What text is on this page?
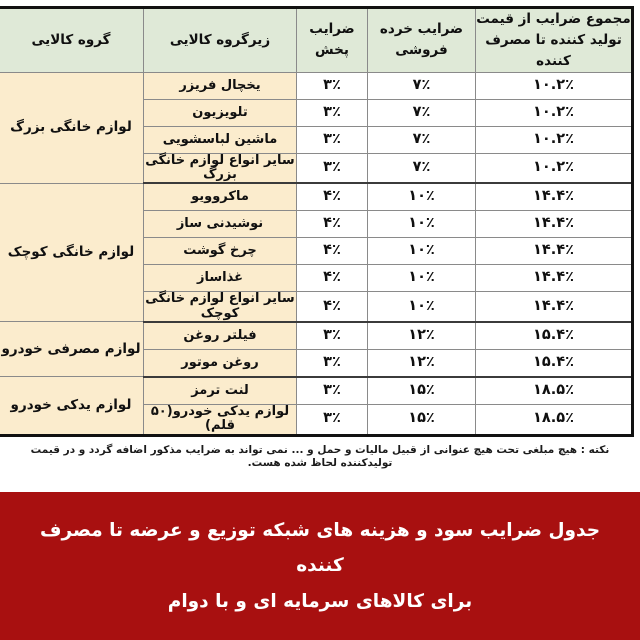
مجموع ضرایب از قیمت تولید کننده تا مصرف کننده	ضرایب خرده فروشی	ضرایب پخش	زیرگروه کالایی	گروه کالایی
۱۰.۲٪	۷٪	۳٪	یخچال فریزر	لوازم خانگی بزرگ
۱۰.۲٪	۷٪	۳٪	تلویزیون	
۱۰.۲٪	۷٪	۳٪	ماشین لباسشویی	
۱۰.۲٪	۷٪	۳٪	سایر انواع لوازم خانگی بزرگ	
۱۴.۴٪	۱۰٪	۴٪	ماکروویو	لوازم خانگی کوچک
۱۴.۴٪	۱۰٪	۴٪	نوشیدنی ساز	
۱۴.۴٪	۱۰٪	۴٪	چرخ گوشت	
۱۴.۴٪	۱۰٪	۴٪	غذاساز	
۱۴.۴٪	۱۰٪	۴٪	سایر انواع لوازم خانگی کوچک	
۱۵.۴٪	۱۲٪	۳٪	فیلتر روغن	لوازم مصرفی خودرو
۱۵.۴٪	۱۲٪	۳٪	روغن موتور	
۱۸.۵٪	۱۵٪	۳٪	لنت ترمز	لوازم یدکی خودرو
۱۸.۵٪	۱۵٪	۳٪	لوازم یدکی خودرو(۵۰ قلم)	
نکته : هیچ مبلغی تحت هیچ عنوانی از قبیل مالیات و حمل و ... نمی تواند به ضرایب مذکور اضافه گردد و در قیمت تولیدکننده لحاظ شده هست.
جدول ضرایب سود و هزینه های شبکه توزیع و عرضه تا مصرف کننده
برای کالاهای سرمایه ای و با دوام
